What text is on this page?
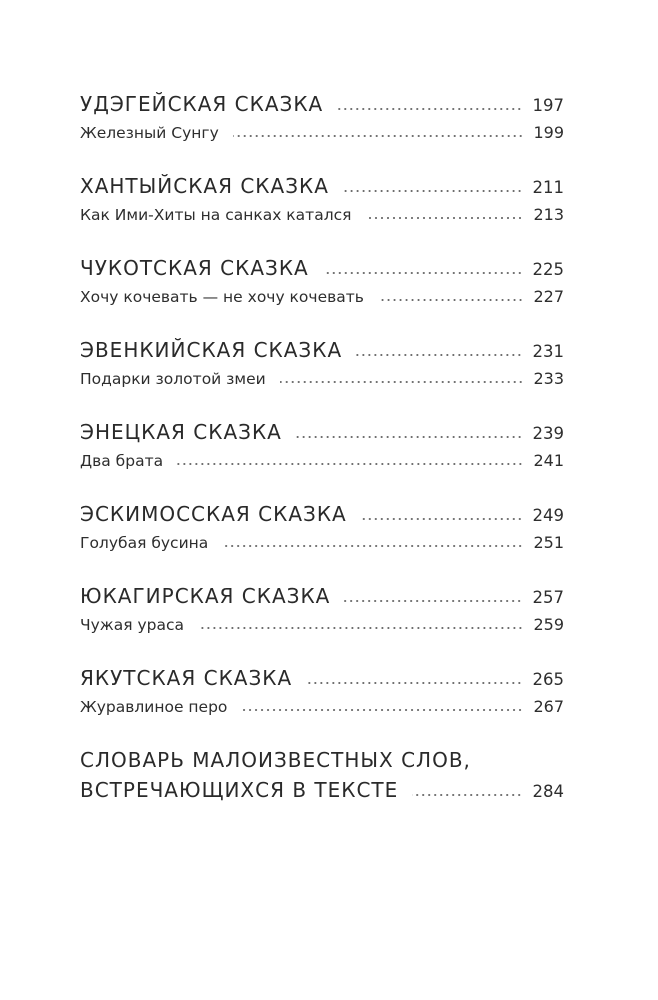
УДЭГЕЙСКАЯ СКАЗКА	197
Железный Сунгу	199
ХАНТЫЙСКАЯ СКАЗКА	211
Как Ими-Хиты на санках катался	213
ЧУКОТСКАЯ СКАЗКА	225
Хочу кочевать — не хочу кочевать	227
ЭВЕНКИЙСКАЯ СКАЗКА	231
Подарки золотой змеи	233
ЭНЕЦКАЯ СКАЗКА	239
Два брата	241
ЭСКИМОССКАЯ СКАЗКА	249
Голубая бусина	251
ЮКАГИРСКАЯ СКАЗКА	257
Чужая ураса	259
ЯКУТСКАЯ СКАЗКА	265
Журавлиное перо	267
СЛОВАРЬ МАЛОИЗВЕСТНЫХ СЛОВ,
ВСТРЕЧАЮЩИХСЯ В ТЕКСТЕ	284
